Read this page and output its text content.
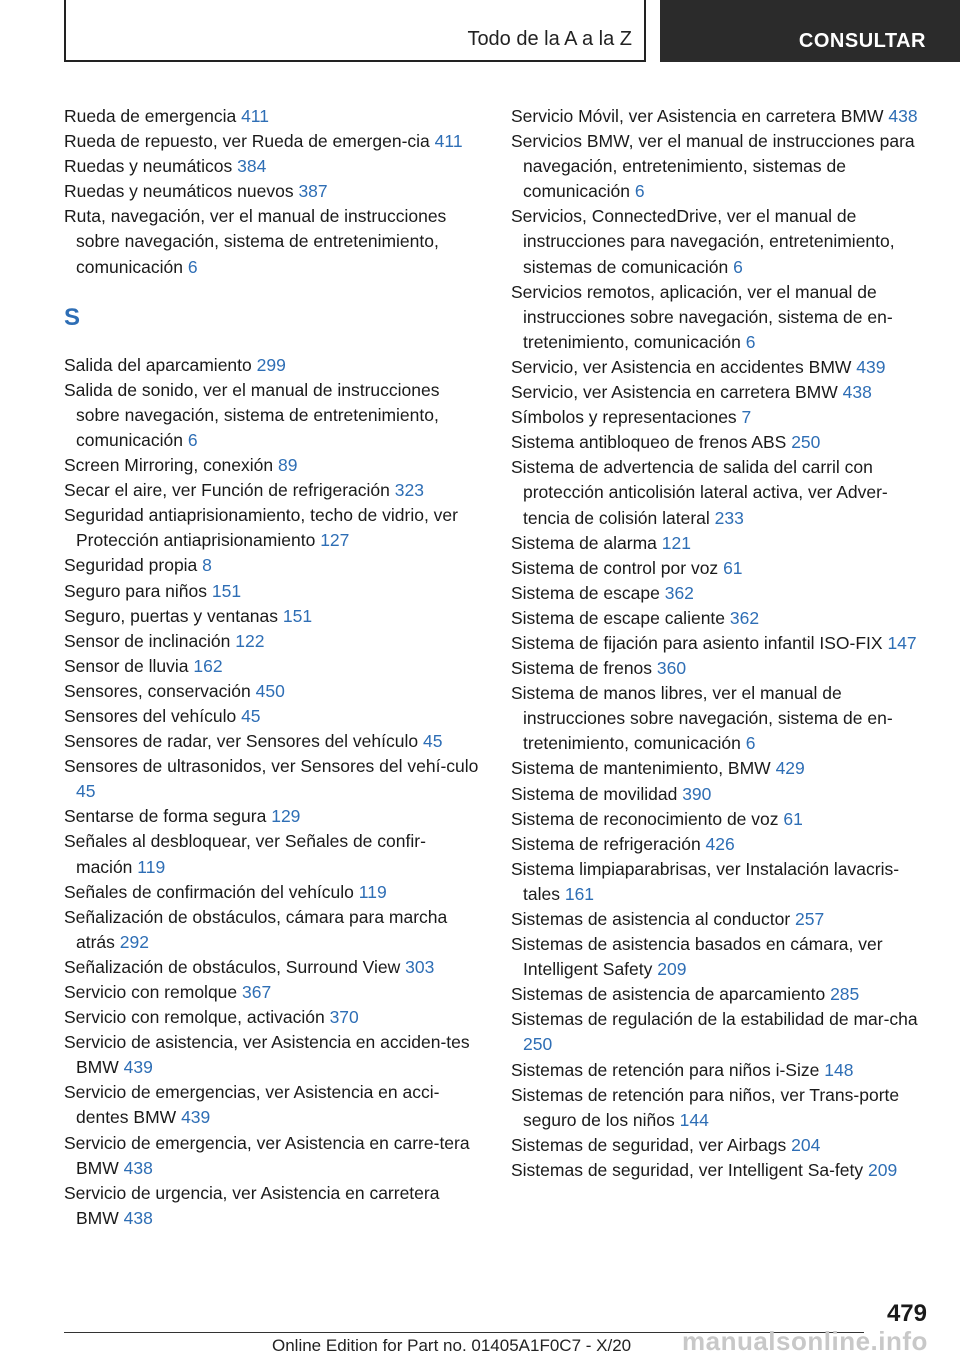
Todo de la A a la Z	CONSULTAR
Rueda de emergencia 411
Rueda de repuesto, ver Rueda de emergen‐cia 411
Ruedas y neumáticos 384
Ruedas y neumáticos nuevos 387
Ruta, navegación, ver el manual de instrucciones sobre navegación, sistema de entretenimiento, comunicación 6
S
Salida del aparcamiento 299
Salida de sonido, ver el manual de instrucciones sobre navegación, sistema de entretenimiento, comunicación 6
Screen Mirroring, conexión 89
Secar el aire, ver Función de refrigeración 323
Seguridad antiaprisionamiento, techo de vidrio, ver Protección antiaprisionamiento 127
Seguridad propia 8
Seguro para niños 151
Seguro, puertas y ventanas 151
Sensor de inclinación 122
Sensor de lluvia 162
Sensores, conservación 450
Sensores del vehículo 45
Sensores de radar, ver Sensores del vehículo 45
Sensores de ultrasonidos, ver Sensores del vehí‐culo 45
Sentarse de forma segura 129
Señales al desbloquear, ver Señales de confir‐mación 119
Señales de confirmación del vehículo 119
Señalización de obstáculos, cámara para marcha atrás 292
Señalización de obstáculos, Surround View 303
Servicio con remolque 367
Servicio con remolque, activación 370
Servicio de asistencia, ver Asistencia en acciden‐tes BMW 439
Servicio de emergencias, ver Asistencia en acci‐dentes BMW 439
Servicio de emergencia, ver Asistencia en carre‐tera BMW 438
Servicio de urgencia, ver Asistencia en carretera BMW 438
Servicio Móvil, ver Asistencia en carretera BMW 438
Servicios BMW, ver el manual de instrucciones para navegación, entretenimiento, sistemas de comunicación 6
Servicios, ConnectedDrive, ver el manual de instrucciones para navegación, entretenimiento, sistemas de comunicación 6
Servicios remotos, aplicación, ver el manual de instrucciones sobre navegación, sistema de en‐tretenimiento, comunicación 6
Servicio, ver Asistencia en accidentes BMW 439
Servicio, ver Asistencia en carretera BMW 438
Símbolos y representaciones 7
Sistema antibloqueo de frenos ABS 250
Sistema de advertencia de salida del carril con protección anticolisión lateral activa, ver Adver‐tencia de colisión lateral 233
Sistema de alarma 121
Sistema de control por voz 61
Sistema de escape 362
Sistema de escape caliente 362
Sistema de fijación para asiento infantil ISO‐FIX 147
Sistema de frenos 360
Sistema de manos libres, ver el manual de instrucciones sobre navegación, sistema de en‐tretenimiento, comunicación 6
Sistema de mantenimiento, BMW 429
Sistema de movilidad 390
Sistema de reconocimiento de voz 61
Sistema de refrigeración 426
Sistema limpiaparabrisas, ver Instalación lavacris‐tales 161
Sistemas de asistencia al conductor 257
Sistemas de asistencia basados en cámara, ver Intelligent Safety 209
Sistemas de asistencia de aparcamiento 285
Sistemas de regulación de la estabilidad de mar‐cha 250
Sistemas de retención para niños i-Size 148
Sistemas de retención para niños, ver Trans‐porte seguro de los niños 144
Sistemas de seguridad, ver Airbags 204
Sistemas de seguridad, ver Intelligent Sa‐fety 209
479
Online Edition for Part no. 01405A1F0C7 - X/20 manualsonline.info
